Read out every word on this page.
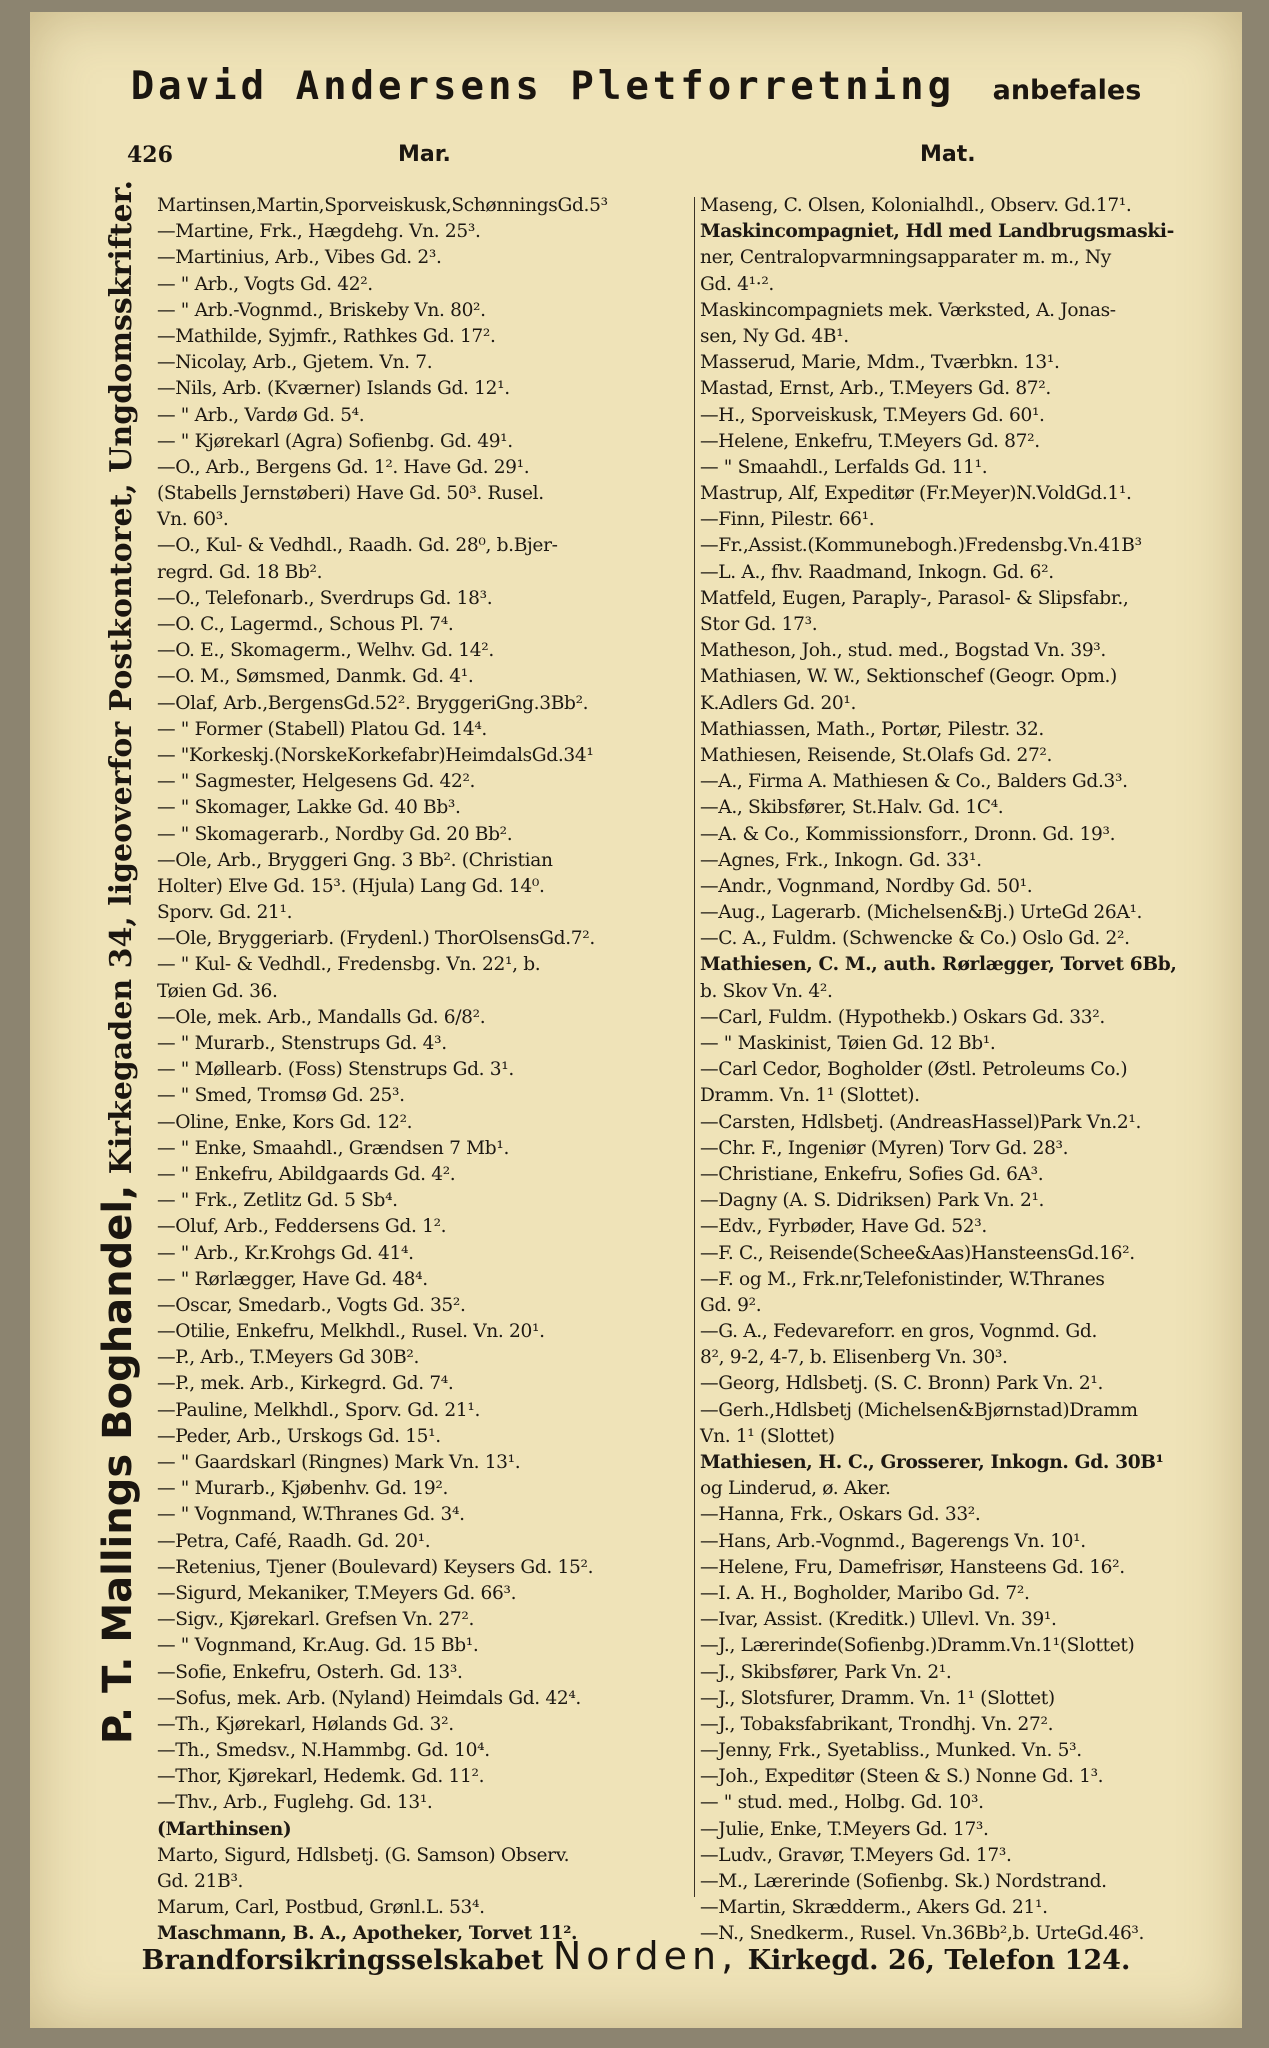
David Andersens Pletforretning anbefales
426	Mar.	Mat.
P. T. Mallings Boghandel, Kirkegaden 34, ligeoverfor Postkontoret, Ungdomsskrifter. Martinsen,Martin,Sporveiskusk,SchønningsGd.5³
—Martine, Frk., Hægdehg. Vn. 25³.
—Martinius, Arb., Vibes Gd. 2³.
— " Arb., Vogts Gd. 42².
— " Arb.-Vognmd., Briskeby Vn. 80².
—Mathilde, Syjmfr., Rathkes Gd. 17².
—Nicolay, Arb., Gjetem. Vn. 7.
—Nils, Arb. (Kværner) Islands Gd. 12¹.
— " Arb., Vardø Gd. 5⁴.
— " Kjørekarl (Agra) Sofienbg. Gd. 49¹.
—O., Arb., Bergens Gd. 1². Have Gd. 29¹.
(Stabells Jernstøberi) Have Gd. 50³. Rusel.
Vn. 60³.
—O., Kul- & Vedhdl., Raadh. Gd. 28⁰, b.Bjer-
regrd. Gd. 18 Bb².
—O., Telefonarb., Sverdrups Gd. 18³.
—O. C., Lagermd., Schous Pl. 7⁴.
—O. E., Skomagerm., Welhv. Gd. 14².
—O. M., Sømsmed, Danmk. Gd. 4¹.
—Olaf, Arb.,BergensGd.52². BryggeriGng.3Bb².
— " Former (Stabell) Platou Gd. 14⁴.
— "Korkeskj.(NorskeKorkefabr)HeimdalsGd.34¹
— " Sagmester, Helgesens Gd. 42².
— " Skomager, Lakke Gd. 40 Bb³.
— " Skomagerarb., Nordby Gd. 20 Bb².
—Ole, Arb., Bryggeri Gng. 3 Bb². (Christian
Holter) Elve Gd. 15³. (Hjula) Lang Gd. 14⁰.
Sporv. Gd. 21¹.
—Ole, Bryggeriarb. (Frydenl.) ThorOlsensGd.7².
— " Kul- & Vedhdl., Fredensbg. Vn. 22¹, b.
Tøien Gd. 36.
—Ole, mek. Arb., Mandalls Gd. 6/8².
— " Murarb., Stenstrups Gd. 4³.
— " Møllearb. (Foss) Stenstrups Gd. 3¹.
— " Smed, Tromsø Gd. 25³.
—Oline, Enke, Kors Gd. 12².
— " Enke, Smaahdl., Grændsen 7 Mb¹.
— " Enkefru, Abildgaards Gd. 4².
— " Frk., Zetlitz Gd. 5 Sb⁴.
—Oluf, Arb., Feddersens Gd. 1².
— " Arb., Kr.Krohgs Gd. 41⁴.
— " Rørlægger, Have Gd. 48⁴.
—Oscar, Smedarb., Vogts Gd. 35².
—Otilie, Enkefru, Melkhdl., Rusel. Vn. 20¹.
—P., Arb., T.Meyers Gd 30B².
—P., mek. Arb., Kirkegrd. Gd. 7⁴.
—Pauline, Melkhdl., Sporv. Gd. 21¹.
—Peder, Arb., Urskogs Gd. 15¹.
— " Gaardskarl (Ringnes) Mark Vn. 13¹.
— " Murarb., Kjøbenhv. Gd. 19².
— " Vognmand, W.Thranes Gd. 3⁴.
—Petra, Café, Raadh. Gd. 20¹.
—Retenius, Tjener (Boulevard) Keysers Gd. 15².
—Sigurd, Mekaniker, T.Meyers Gd. 66³.
—Sigv., Kjørekarl. Grefsen Vn. 27².
— " Vognmand, Kr.Aug. Gd. 15 Bb¹.
—Sofie, Enkefru, Osterh. Gd. 13³.
—Sofus, mek. Arb. (Nyland) Heimdals Gd. 42⁴.
—Th., Kjørekarl, Hølands Gd. 3².
—Th., Smedsv., N.Hammbg. Gd. 10⁴.
—Thor, Kjørekarl, Hedemk. Gd. 11².
—Thv., Arb., Fuglehg. Gd. 13¹.
(Marthinsen)
Marto, Sigurd, Hdlsbetj. (G. Samson) Observ.
Gd. 21B³.
Marum, Carl, Postbud, Grønl.L. 53⁴.
Maschmann, B. A., Apotheker, Torvet 11².
Maseng, C. Olsen, Kolonialhdl., Observ. Gd.17¹.
Maskincompagniet, Hdl med Landbrugsmaski-
ner, Centralopvarmningsapparater m. m., Ny
Gd. 4¹·².
Maskincompagniets mek. Værksted, A. Jonas-
sen, Ny Gd. 4B¹.
Masserud, Marie, Mdm., Tværbkn. 13¹.
Mastad, Ernst, Arb., T.Meyers Gd. 87².
—H., Sporveiskusk, T.Meyers Gd. 60¹.
—Helene, Enkefru, T.Meyers Gd. 87².
— " Smaahdl., Lerfalds Gd. 11¹.
Mastrup, Alf, Expeditør (Fr.Meyer)N.VoldGd.1¹.
—Finn, Pilestr. 66¹.
—Fr.,Assist.(Kommunebogh.)Fredensbg.Vn.41B³
—L. A., fhv. Raadmand, Inkogn. Gd. 6².
Matfeld, Eugen, Paraply-, Parasol- & Slipsfabr.,
Stor Gd. 17³.
Matheson, Joh., stud. med., Bogstad Vn. 39³.
Mathiasen, W. W., Sektionschef (Geogr. Opm.)
K.Adlers Gd. 20¹.
Mathiassen, Math., Portør, Pilestr. 32.
Mathiesen, Reisende, St.Olafs Gd. 27².
—A., Firma A. Mathiesen & Co., Balders Gd.3³.
—A., Skibsfører, St.Halv. Gd. 1C⁴.
—A. & Co., Kommissionsforr., Dronn. Gd. 19³.
—Agnes, Frk., Inkogn. Gd. 33¹.
—Andr., Vognmand, Nordby Gd. 50¹.
—Aug., Lagerarb. (Michelsen&Bj.) UrteGd 26A¹.
—C. A., Fuldm. (Schwencke & Co.) Oslo Gd. 2².
Mathiesen, C. M., auth. Rørlægger, Torvet 6Bb,
b. Skov Vn. 4².
—Carl, Fuldm. (Hypothekb.) Oskars Gd. 33².
— " Maskinist, Tøien Gd. 12 Bb¹.
—Carl Cedor, Bogholder (Østl. Petroleums Co.)
Dramm. Vn. 1¹ (Slottet).
—Carsten, Hdlsbetj. (AndreasHassel)Park Vn.2¹.
—Chr. F., Ingeniør (Myren) Torv Gd. 28³.
—Christiane, Enkefru, Sofies Gd. 6A³.
—Dagny (A. S. Didriksen) Park Vn. 2¹.
—Edv., Fyrbøder, Have Gd. 52³.
—F. C., Reisende(Schee&Aas)HansteensGd.16².
—F. og M., Frk.nr,Telefonistinder, W.Thranes
Gd. 9².
—G. A., Fedevareforr. en gros, Vognmd. Gd.
8², 9-2, 4-7, b. Elisenberg Vn. 30³.
—Georg, Hdlsbetj. (S. C. Bronn) Park Vn. 2¹.
—Gerh.,Hdlsbetj (Michelsen&Bjørnstad)Dramm
Vn. 1¹ (Slottet)
Mathiesen, H. C., Grosserer, Inkogn. Gd. 30B¹
og Linderud, ø. Aker.
—Hanna, Frk., Oskars Gd. 33².
—Hans, Arb.-Vognmd., Bagerengs Vn. 10¹.
—Helene, Fru, Damefrisør, Hansteens Gd. 16².
—I. A. H., Bogholder, Maribo Gd. 7².
—Ivar, Assist. (Kreditk.) Ullevl. Vn. 39¹.
—J., Lærerinde(Sofienbg.)Dramm.Vn.1¹(Slottet)
—J., Skibsfører, Park Vn. 2¹.
—J., Slotsfurer, Dramm. Vn. 1¹ (Slottet)
—J., Tobaksfabrikant, Trondhj. Vn. 27².
—Jenny, Frk., Syetabliss., Munked. Vn. 5³.
—Joh., Expeditør (Steen & S.) Nonne Gd. 1³.
— " stud. med., Holbg. Gd. 10³.
—Julie, Enke, T.Meyers Gd. 17³.
—Ludv., Gravør, T.Meyers Gd. 17³.
—M., Lærerinde (Sofienbg. Sk.) Nordstrand.
—Martin, Skrædderm., Akers Gd. 21¹.
—N., Snedkerm., Rusel. Vn.36Bb²,b. UrteGd.46³.
Brandforsikringsselskabet Norden, Kirkegd. 26, Telefon 124.
